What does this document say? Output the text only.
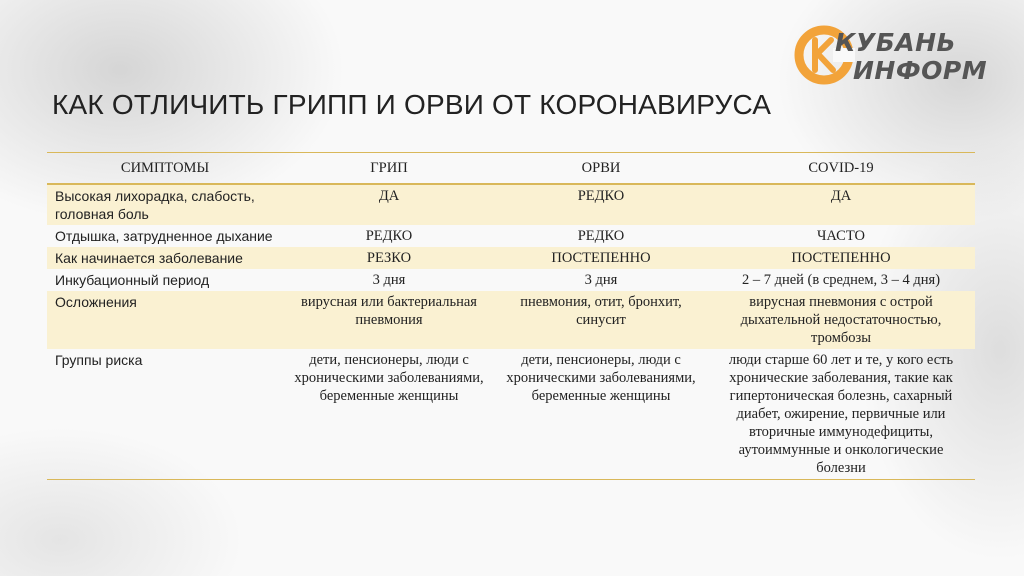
КУБАНЬ
ИНФОРМ
КАК ОТЛИЧИТЬ ГРИПП И ОРВИ ОТ КОРОНАВИРУСА
СИМПТОМЫ	ГРИП	ОРВИ	COVID-19
Высокая лихорадка, слабость, головная боль	ДА	РЕДКО	ДА
Отдышка, затрудненное дыхание	РЕДКО	РЕДКО	ЧАСТО
Как начинается заболевание	РЕЗКО	ПОСТЕПЕННО	ПОСТЕПЕННО
Инкубационный период	3 дня	3 дня	2 – 7 дней (в среднем, 3 – 4 дня)
Осложнения	вирусная или бактериальная пневмония	пневмония, отит, бронхит, синусит	вирусная пневмония с острой дыхательной недостаточностью, тромбозы
Группы риска	дети, пенсионеры, люди с хроническими заболеваниями, беременные женщины	дети, пенсионеры, люди с хроническими заболеваниями, беременные женщины	люди старше 60 лет и те, у кого есть хронические заболевания, такие как гипертоническая болезнь, сахарный диабет, ожирение, первичные или вторичные иммунодефициты, аутоиммунные и онкологические болезни
